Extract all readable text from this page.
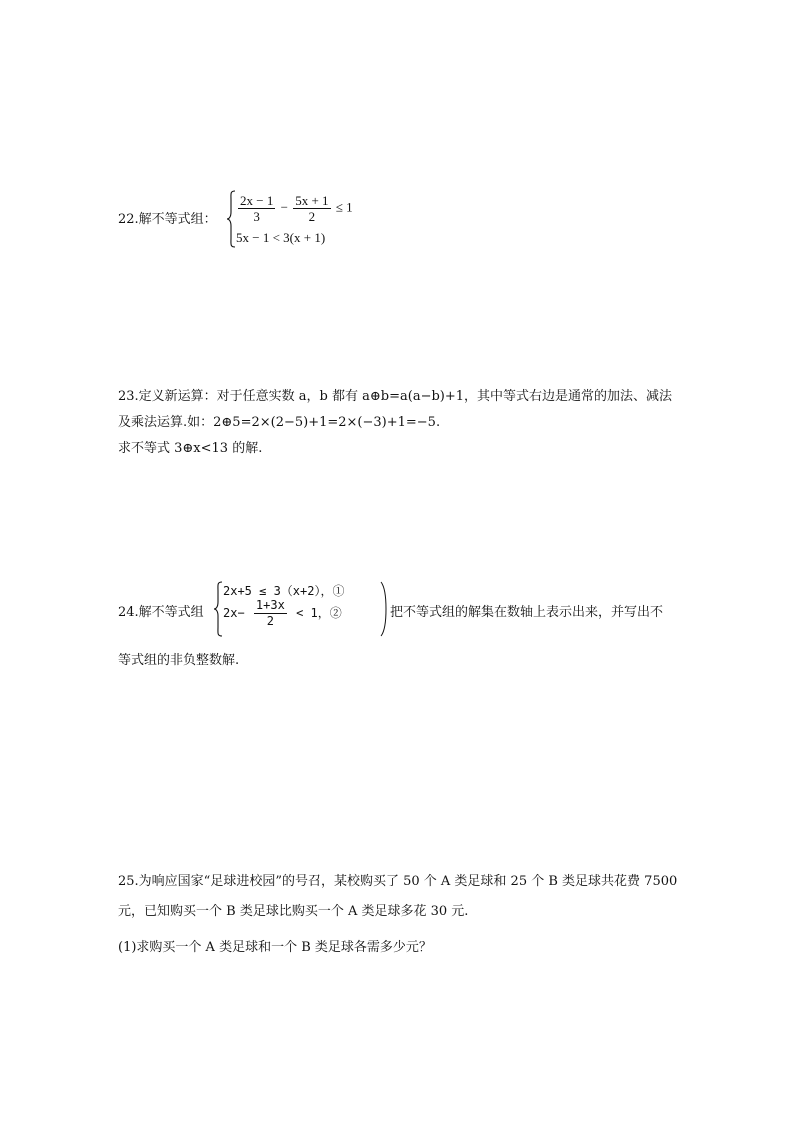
22.解不等式组： $\frac{2x - 1}{3} - \frac{5x + 1}{2} \le 1$
5x − 1 < 3(x + 1)
23.定义新运算：对于任意实数 a，b 都有 a⊕b=a(a−b)+1，其中等式右边是通常的加法、减法
及乘法运算.如：2⊕5=2×(2−5)+1=2×(−3)+1=−5.
求不等式 3⊕x<13 的解.
24.解不等式组
2x+5 ≤ 3（x+2），①
$2x- \frac{1+3x}{2} < 1$，②	把不等式组的解集在数轴上表示出来，并写出不
等式组的非负整数解.
25.为响应国家“足球进校园”的号召，某校购买了 50 个 A 类足球和 25 个 B 类足球共花费 7500
元，已知购买一个 B 类足球比购买一个 A 类足球多花 30 元.
(1)求购买一个 A 类足球和一个 B 类足球各需多少元？
